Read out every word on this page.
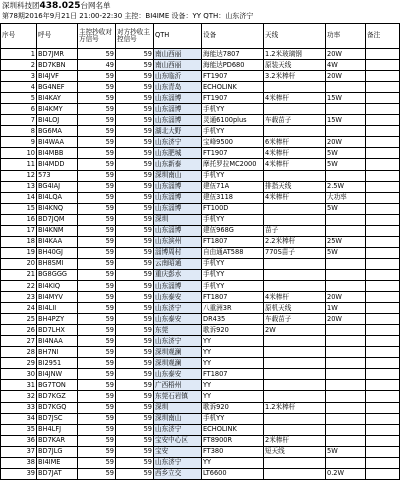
深圳科技团438.025台网名单
第78期2016年9月21日 21:00-22:30 主控：BI4IME 设备：YY QTH：山东济宁
序号	呼号	主控抄收对方信号	对方抄收主控信号	QTH	设备	天线	功率	备注
1	BD7JMR	59	59	南山西丽	海能达7807	1.2米玻璃钢	20W	
2	BD7KBN	49	59	南山西丽	海能达PD680	原装天线	4W	
3	BI4JVF	59	59	山东临沂	FT1907	3.2米棒杆	20W	
4	BG4NEF	59	59	山东青岛	ECHOLINK			
5	BI4KAY	59	59	山东淄博	FT1907	4米棒杆	15W	
6	BI4KMY	59	59	山东淄博	手机YY			
7	BI4LOJ	59	59	山东淄博	灵通6100plus	车载苗子	15W	
8	BG6MA	59	59	湖北大野	手机YY			
9	BI4WAA	59	59	山东济宁	宝峰9500	6米棒杆	20W	
10	BI4MBB	59	59	山东肥城	FT1907	4米棒杆	5W	
11	BI4MDD	59	59	山东新泰	摩托罗拉MC2000	4米棒杆	5W	
12	573	59	59	深圳南山	手机YY			
13	BG4IAJ	59	59	山东淄博	建伍71A	排指天线	2.5W	
14	BI4LQA	59	59	山东淄博	建伍3118	4米棒杆	大功率	
15	BI4KNQ	59	59	山东淄博	FT100D		5W	
16	BD7JQM	59	59	深圳	手机YY			
17	BI4KNM	59	59	山东淄博	建伍968G	苗子		
18	BI4KAA	59	59	山东滨州	FT1807	2.2米棒杆	25W	
19	BH40GJ	59	59	淄博周村	自由通AT588	770S苗子	5W	
20	BH8SMI	59	59	云南昭通	手机YY			
21	BG8GGG	59	59	重庆彭水	手机YY			
22	BI4KIQ	59	59	山东淄博	手机YY			
23	BI4MYV	59	59	山东泰安	FT1807	4米棒杆	20W	
24	BI4LII	59	59	山东济宁	八重洲3R	原机天线	1W	
25	BH4PZY	59	59	山东泰安	DR435	车载苗子	20W	
26	BD7LHX	59	59	东莞	歌诉920	2W		
27	BI4NAA	59	59	山东济宁	YY			
28	BH7NI	59	59	深圳观澜	YY			
29	BI2951	59	59	深圳观澜	YY			
30	BI4JNW	59	59	山东泰安	FT1807			
31	BG7TON	59	59	广西梧州	YY			
32	BD7KGZ	59	59	东莞石岩镇	YY			
33	BD7KGQ	59	59	深圳	歌诉920	1.2米棒杆		
34	BD7JSC	59	59	深圳南山	手机YY			
35	BH4LFJ	59	59	山东济宁	ECHOLINK			
36	BD7KAR	59	59	宝安中心区	FT8900R	2米棒杆		
37	BD7JLG	59	59	宝安	FT380	短天线	5W	
38	BI4IME	59	59	山东济宁	YY			
39	BD7JAT	59	59	西乡立交	LT6600		0.2W	
